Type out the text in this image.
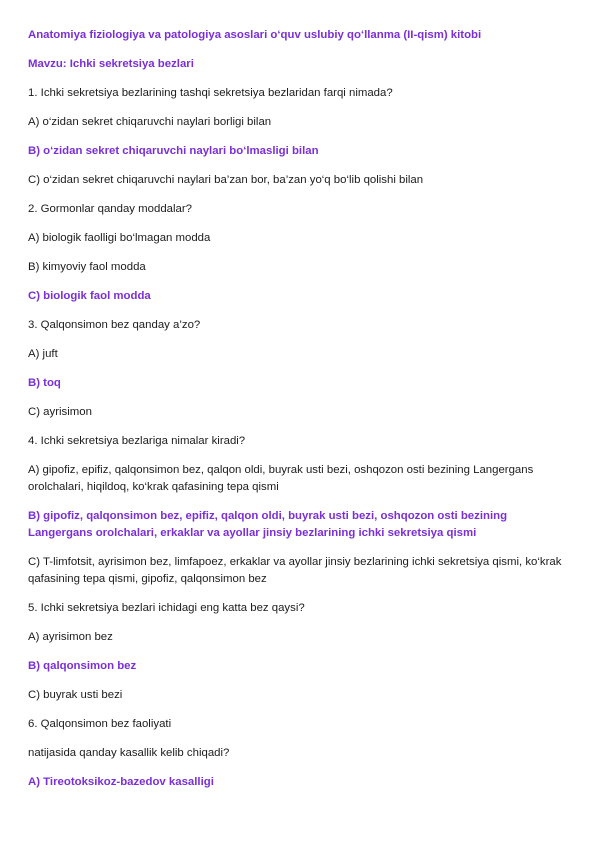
Anatomiya fiziologiya va patologiya asoslari o‘quv uslubiy qo‘llanma (II-qism) kitobi
Mavzu: Ichki sekretsiya bezlari
1. Ichki sekretsiya bezlarining tashqi sekretsiya bezlaridan farqi nimada?
A) o‘zidan sekret chiqaruvchi naylari borligi bilan
B) o‘zidan sekret chiqaruvchi naylari bo‘lmasligi bilan
C) o‘zidan sekret chiqaruvchi naylari ba’zan bor, ba’zan yo‘q bo‘lib qolishi bilan
2. Gormonlar qanday moddalar?
A) biologik faolligi bo‘lmagan modda
B) kimyoviy faol modda
C) biologik faol modda
3. Qalqonsimon bez qanday a’zo?
A) juft
B) toq
C) ayrisimon
4. Ichki sekretsiya bezlariga nimalar kiradi?
A) gipofiz, epifiz, qalqonsimon bez, qalqon oldi, buyrak usti bezi, oshqozon osti bezining Langergans orolchalari, hiqildoq, ko‘krak qafasining tepa qismi
B) gipofiz, qalqonsimon bez, epifiz, qalqon oldi, buyrak usti bezi, oshqozon osti bezining Langergans orolchalari, erkaklar va ayollar jinsiy bezlarining ichki sekretsiya qismi
C) T-limfotsit, ayrisimon bez, limfapoez, erkaklar va ayollar jinsiy bezlarining ichki sekretsiya qismi, ko‘krak qafasining tepa qismi, gipofiz, qalqonsimon bez
5. Ichki sekretsiya bezlari ichidagi eng katta bez qaysi?
A) ayrisimon bez
B) qalqonsimon bez
C) buyrak usti bezi
6. Qalqonsimon bez faoliyati
natijasida qanday kasallik kelib chiqadi?
A) Tireotoksikoz-bazedov kasalligi
